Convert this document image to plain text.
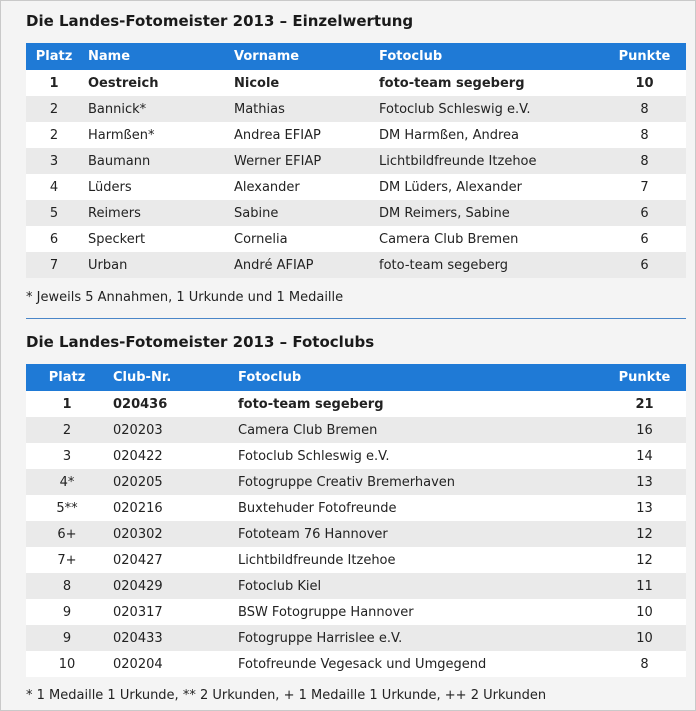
Die Landes-Fotomeister 2013 – Einzelwertung
Platz	Name	Vorname	Fotoclub	Punkte
1	Oestreich	Nicole	foto-team segeberg	10
2	Bannick*	Mathias	Fotoclub Schleswig e.V.	8
2	Harmßen*	Andrea EFIAP	DM Harmßen, Andrea	8
3	Baumann	Werner EFIAP	Lichtbildfreunde Itzehoe	8
4	Lüders	Alexander	DM Lüders, Alexander	7
5	Reimers	Sabine	DM Reimers, Sabine	6
6	Speckert	Cornelia	Camera Club Bremen	6
7	Urban	André AFIAP	foto-team segeberg	6
* Jeweils 5 Annahmen, 1 Urkunde und 1 Medaille
Die Landes-Fotomeister 2013 – Fotoclubs
Platz	Club-Nr.	Fotoclub	Punkte
1	020436	foto-team segeberg	21
2	020203	Camera Club Bremen	16
3	020422	Fotoclub Schleswig e.V.	14
4*	020205	Fotogruppe Creativ Bremerhaven	13
5**	020216	Buxtehuder Fotofreunde	13
6+	020302	Fototeam 76 Hannover	12
7+	020427	Lichtbildfreunde Itzehoe	12
8	020429	Fotoclub Kiel	11
9	020317	BSW Fotogruppe Hannover	10
9	020433	Fotogruppe Harrislee e.V.	10
10	020204	Fotofreunde Vegesack und Umgegend	8
* 1 Medaille 1 Urkunde, ** 2 Urkunden, + 1 Medaille 1 Urkunde, ++ 2 Urkunden
